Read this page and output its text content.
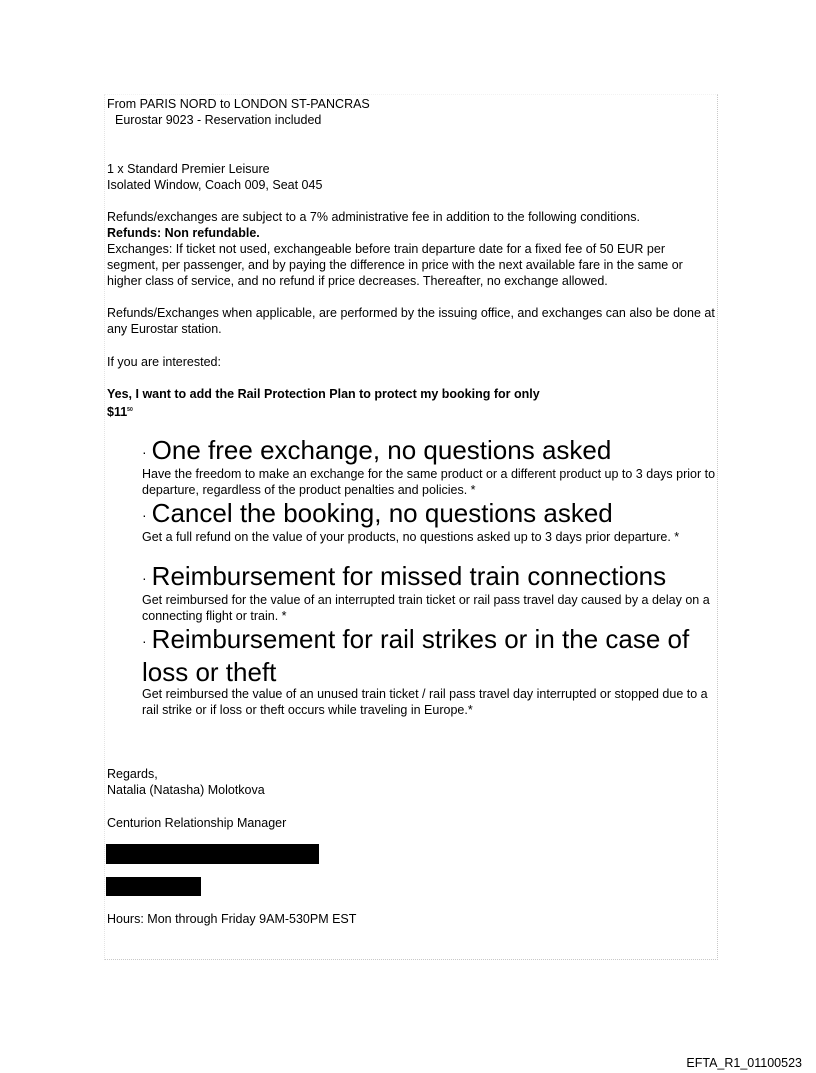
From PARIS NORD to LONDON ST-PANCRAS

Eurostar 9023 - Reservation included

1 x Standard Premier Leisure

Isolated Window, Coach 009, Seat 045

Refunds/exchanges are subject to a 7% administrative fee in addition to the following conditions.

Refunds: Non refundable.

Exchanges: If ticket not used, exchangeable before train departure date for a fixed fee of 50 EUR per segment, per passenger, and by paying the difference in price with the next available fare in the same or higher class of service, and no refund if price decreases. Thereafter, no exchange allowed.

Refunds/Exchanges when applicable, are performed by the issuing office, and exchanges can also be done at any Eurostar station.

If you are interested:

Yes, I want to add the Rail Protection Plan to protect my booking for only

$\$11^{50}$

· One free exchange, no questions asked

Have the freedom to make an exchange for the same product or a different product up to 3 days prior to departure, regardless of the product penalties and policies. *

· Cancel the booking, no questions asked

Get a full refund on the value of your products, no questions asked up to 3 days prior departure. *

· Reimbursement for missed train connections

Get reimbursed for the value of an interrupted train ticket or rail pass travel day caused by a delay on a connecting flight or train. *

· Reimbursement for rail strikes or in the case of loss or theft

Get reimbursed the value of an unused train ticket / rail pass travel day interrupted or stopped due to a rail strike or if loss or theft occurs while traveling in Europe.*

Regards,

Natalia (Natasha) Molotkova

Centurion Relationship Manager

Hours: Mon through Friday 9AM-530PM EST

EFTA_R1_01100523
